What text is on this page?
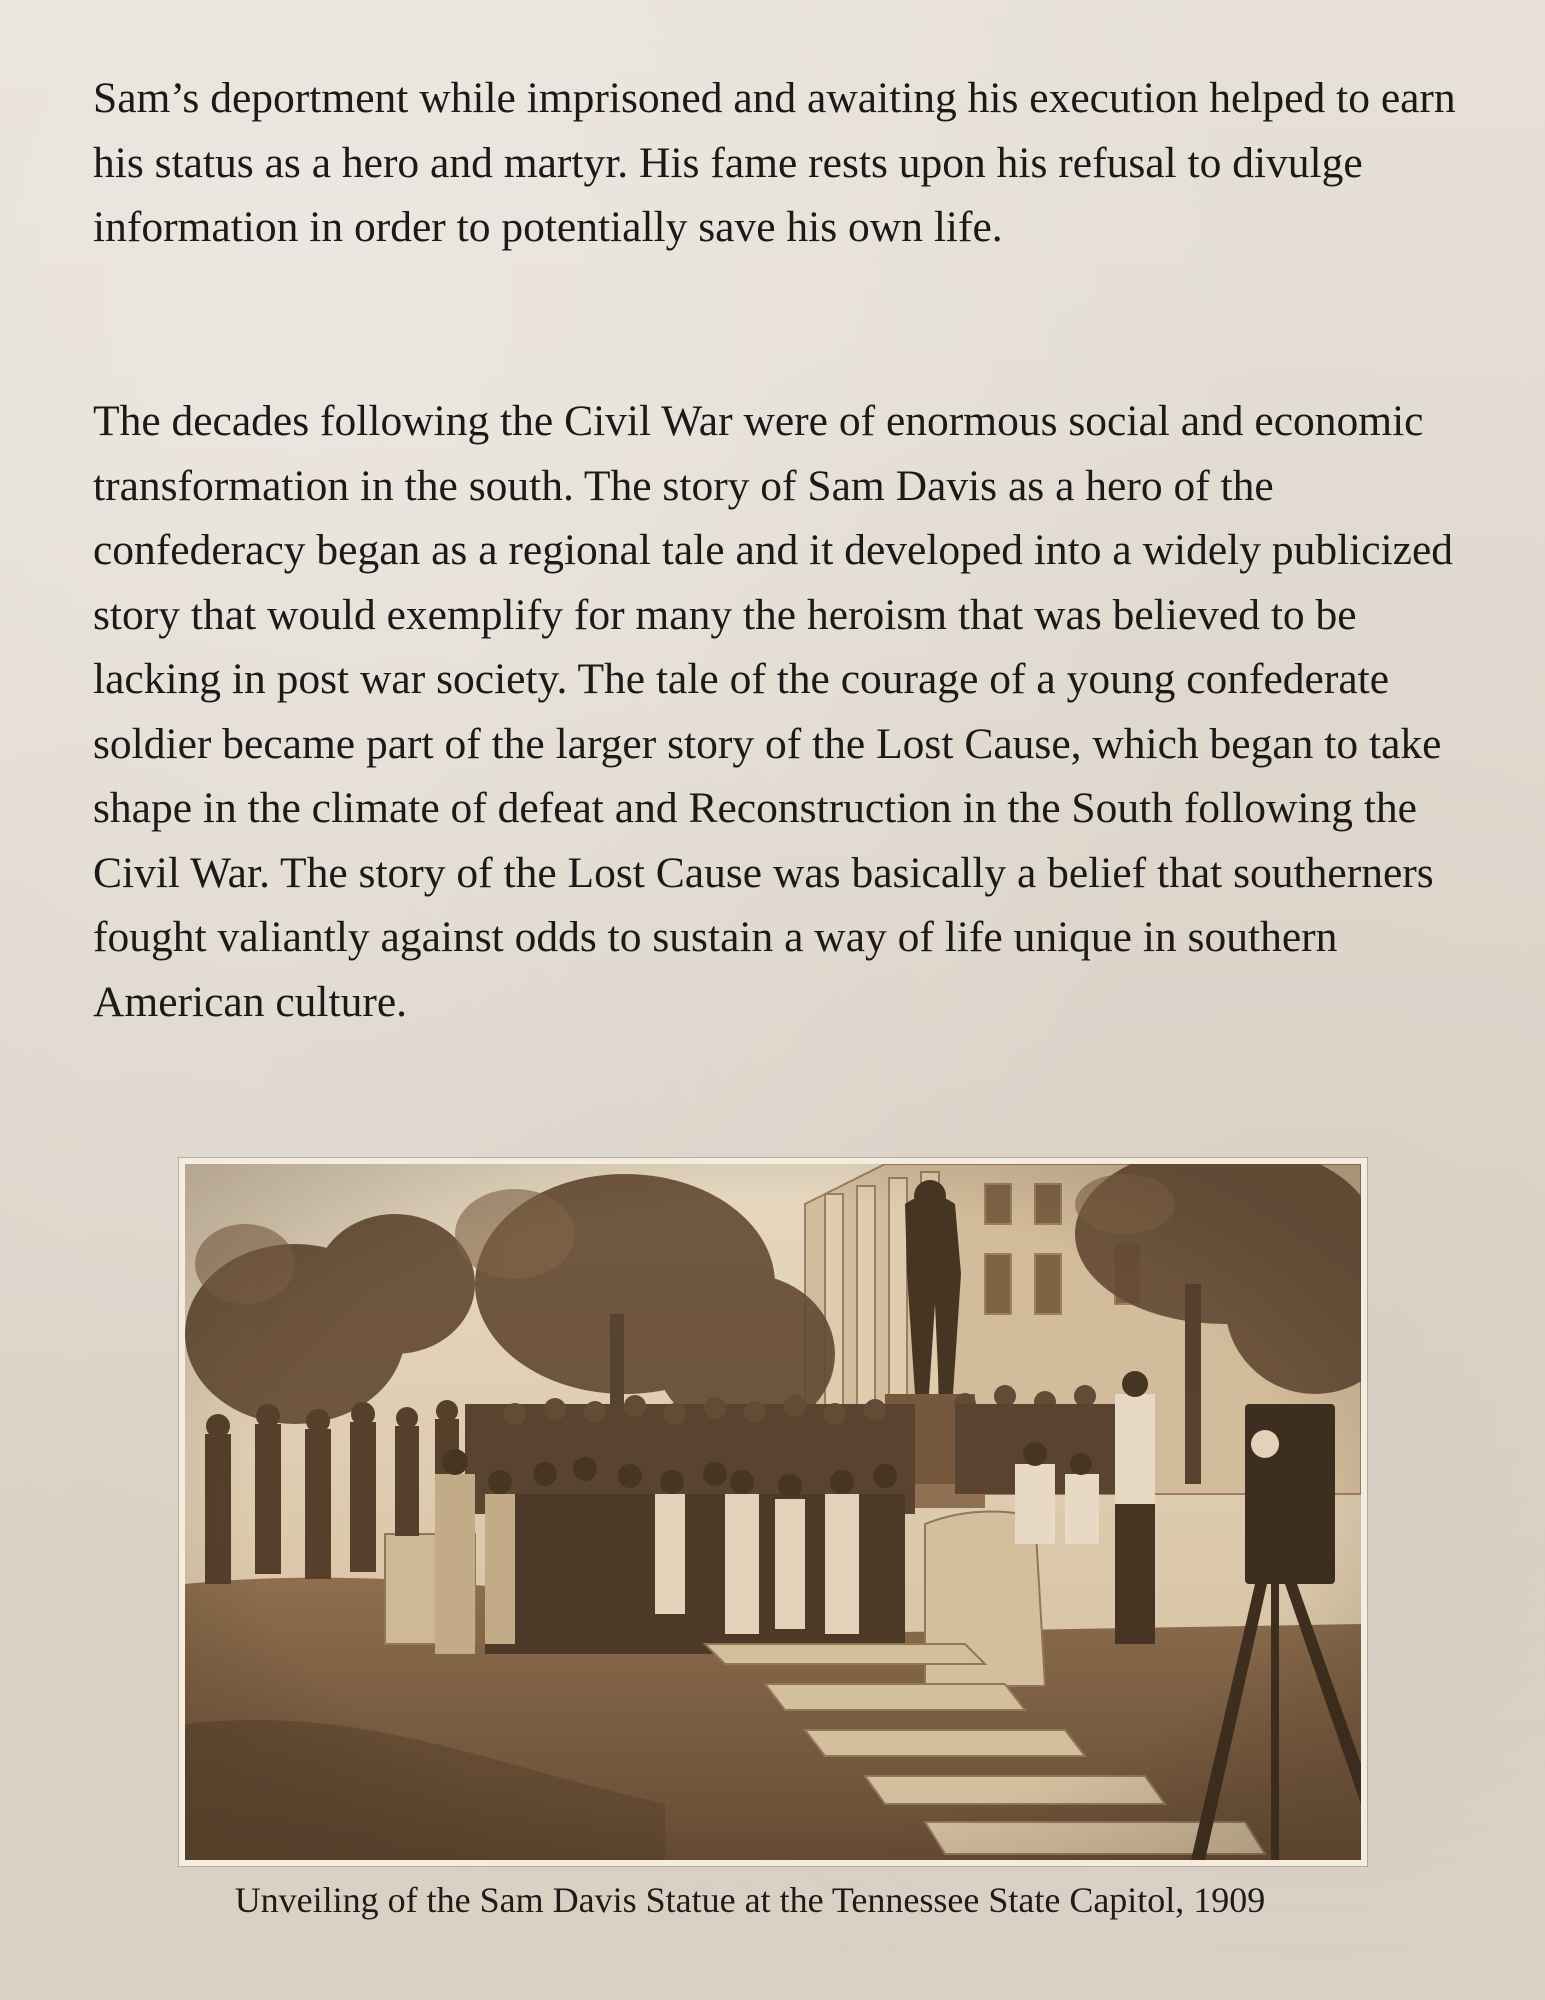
Sam’s deportment while imprisoned and awaiting his execution helped to earn his status as a hero and martyr. His fame rests upon his refusal to divulge information in order to potentially save his own life.

The decades following the Civil War were of enormous social and economic transformation in the south. The story of Sam Davis as a hero of the confederacy began as a regional tale and it developed into a widely publicized story that would exemplify for many the heroism that was believed to be lacking in post war society. The tale of the courage of a young confederate soldier became part of the larger story of the Lost Cause, which began to take shape in the climate of defeat and Reconstruction in the South following the Civil War. The story of the Lost Cause was basically a belief that southerners fought valiantly against odds to sustain a way of life unique in southern American culture.

Unveiling of the Sam Davis Statue at the Tennessee State Capitol, 1909
